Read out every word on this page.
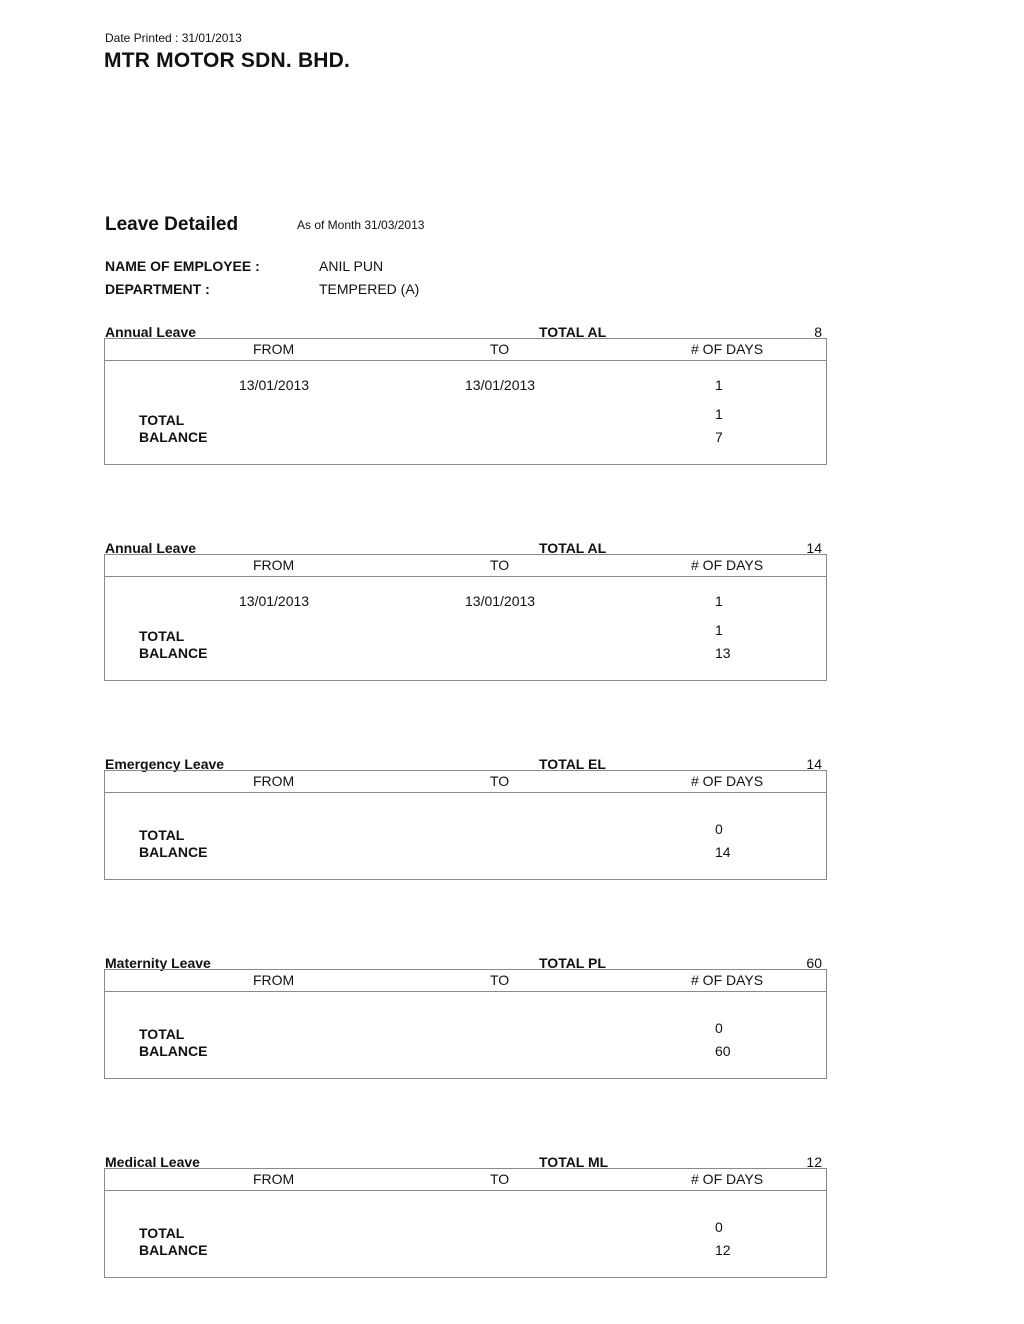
Date Printed : 31/01/2013
MTR MOTOR SDN. BHD.
Leave Detailed	As of Month 31/03/2013
NAME OF EMPLOYEE :	ANIL PUN
DEPARTMENT :	TEMPERED (A)
Annual Leave	TOTAL AL	8
FROM	TO	# OF DAYS
13/01/2013	13/01/2013	1
TOTAL	1
BALANCE	7
Annual Leave	TOTAL AL	14
FROM	TO	# OF DAYS
13/01/2013	13/01/2013	1
TOTAL	1
BALANCE	13
Emergency Leave	TOTAL EL	14
FROM	TO	# OF DAYS
TOTAL	0
BALANCE	14
Maternity Leave	TOTAL PL	60
FROM	TO	# OF DAYS
TOTAL	0
BALANCE	60
Medical Leave	TOTAL ML	12
FROM	TO	# OF DAYS
TOTAL	0
BALANCE	12
